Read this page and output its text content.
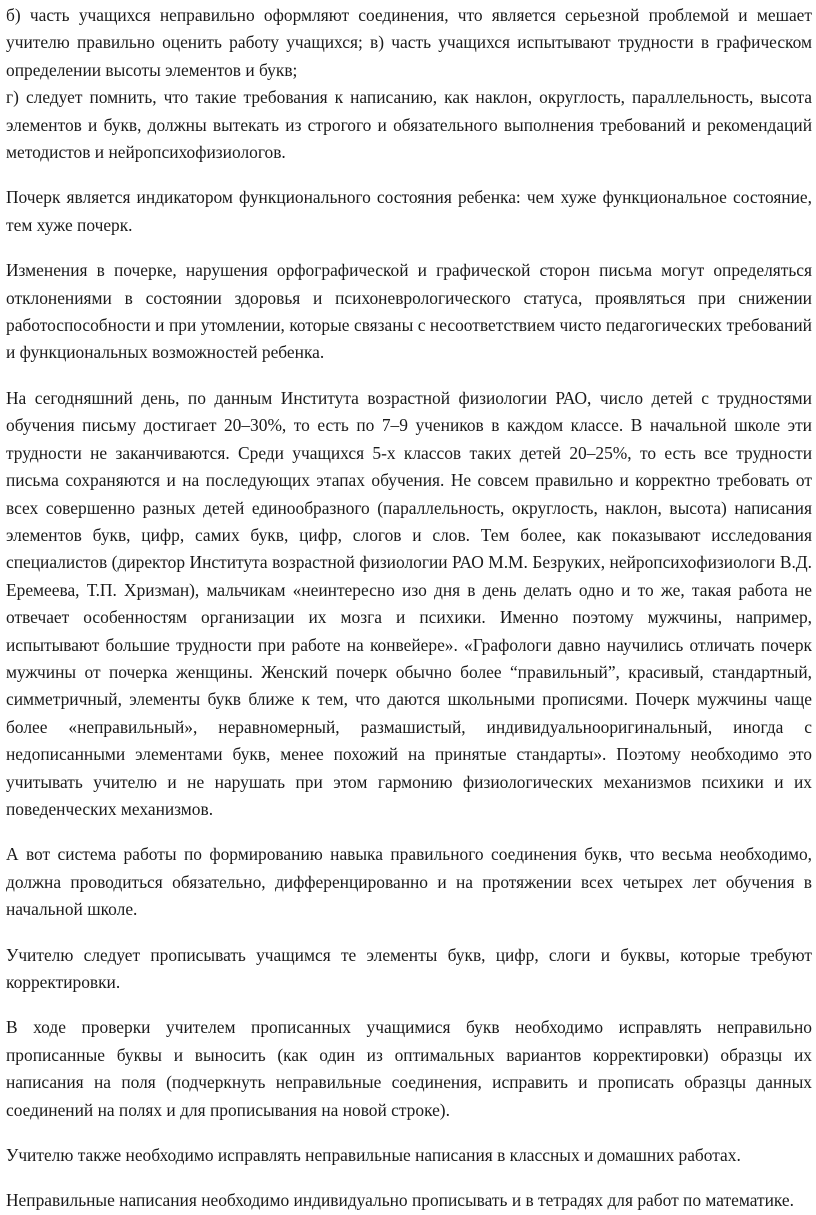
б) часть учащихся неправильно оформляют соединения, что является серьезной проблемой и мешает учителю правильно оценить работу учащихся; в) часть учащихся испытывают трудности в графическом определении высоты элементов и букв;

г) следует помнить, что такие требования к написанию, как наклон, округлость, параллельность, высота элементов и букв, должны вытекать из строгого и обязательного выполнения требований и рекомендаций методистов и нейропсихофизиологов.

Почерк является индикатором функционального состояния ребенка: чем хуже функциональное состояние, тем хуже почерк.

Изменения в почерке, нарушения орфографической и графической сторон письма могут определяться отклонениями в состоянии здоровья и психоневрологического статуса, проявляться при снижении работоспособности и при утомлении, которые связаны с несоответствием чисто педагогических требований и функциональных возможностей ребенка.

На сегодняшний день, по данным Института возрастной физиологии РАО, число детей с трудностями обучения письму достигает 20–30%, то есть по 7–9 учеников в каждом классе. В начальной школе эти трудности не заканчиваются. Среди учащихся 5-х классов таких детей 20–25%, то есть все трудности письма сохраняются и на последующих этапах обучения. Не совсем правильно и корректно требовать от всех совершенно разных детей единообразного (параллельность, округлость, наклон, высота) написания элементов букв, цифр, самих букв, цифр, слогов и слов. Тем более, как показывают исследования специалистов (директор Института возрастной физиологии РАО М.М. Безруких, нейропсихофизиологи В.Д. Еремеева, Т.П. Хризман), мальчикам «неинтересно изо дня в день делать одно и то же, такая работа не отвечает особенностям организации их мозга и психики. Именно поэтому мужчины, например, испытывают большие трудности при работе на конвейере». «Графологи давно научились отличать почерк мужчины от почерка женщины. Женский почерк обычно более “правильный”, красивый, стандартный, симметричный, элементы букв ближе к тем, что даются школьными прописями. Почерк мужчины чаще более «неправильный», неравномерный, размашистый, индивидуальнооригинальный, иногда с недописанными элементами букв, менее похожий на принятые стандарты». Поэтому необходимо это учитывать учителю и не нарушать при этом гармонию физиологических механизмов психики и их поведенческих механизмов.

А вот система работы по формированию навыка правильного соединения букв, что весьма необходимо, должна проводиться обязательно, дифференцированно и на протяжении всех четырех лет обучения в начальной школе.

Учителю следует прописывать учащимся те элементы букв, цифр, слоги и буквы, которые требуют корректировки.

В ходе проверки учителем прописанных учащимися букв необходимо исправлять неправильно прописанные буквы и выносить (как один из оптимальных вариантов корректировки) образцы их написания на поля (подчеркнуть неправильные соединения, исправить и прописать образцы данных соединений на полях и для прописывания на новой строке).

Учителю также необходимо исправлять неправильные написания в классных и домашних работах.

Неправильные написания необходимо индивидуально прописывать и в тетрадях для работ по математике.
